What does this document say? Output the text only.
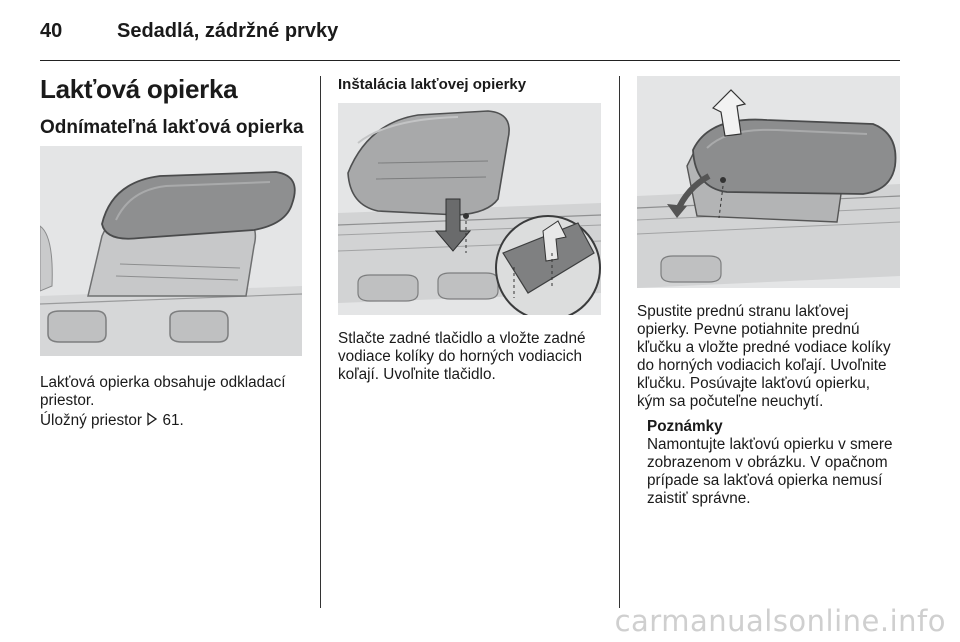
40	Sedadlá, zádržné prvky
Lakťová opierka
Odnímateľná lakťová opierka
Lakťová opierka obsahuje odkladací priestor.
Úložný priestor 61.
Inštalácia lakťovej opierky
Stlačte zadné tlačidlo a vložte zadné vodiace kolíky do horných vodiacich koľají. Uvoľnite tlačidlo.
Spustite prednú stranu lakťovej opierky. Pevne potiahnite prednú kľučku a vložte predné vodiace kolíky do horných vodiacich koľají. Uvoľnite kľučku. Posúvajte lakťovú opierku, kým sa počuteľne neuchytí.
Poznámky
Namontujte lakťovú opierku v smere zobrazenom v obrázku. V opačnom prípade sa lakťová opierka nemusí zaistiť správne.
carmanualsonline.info
